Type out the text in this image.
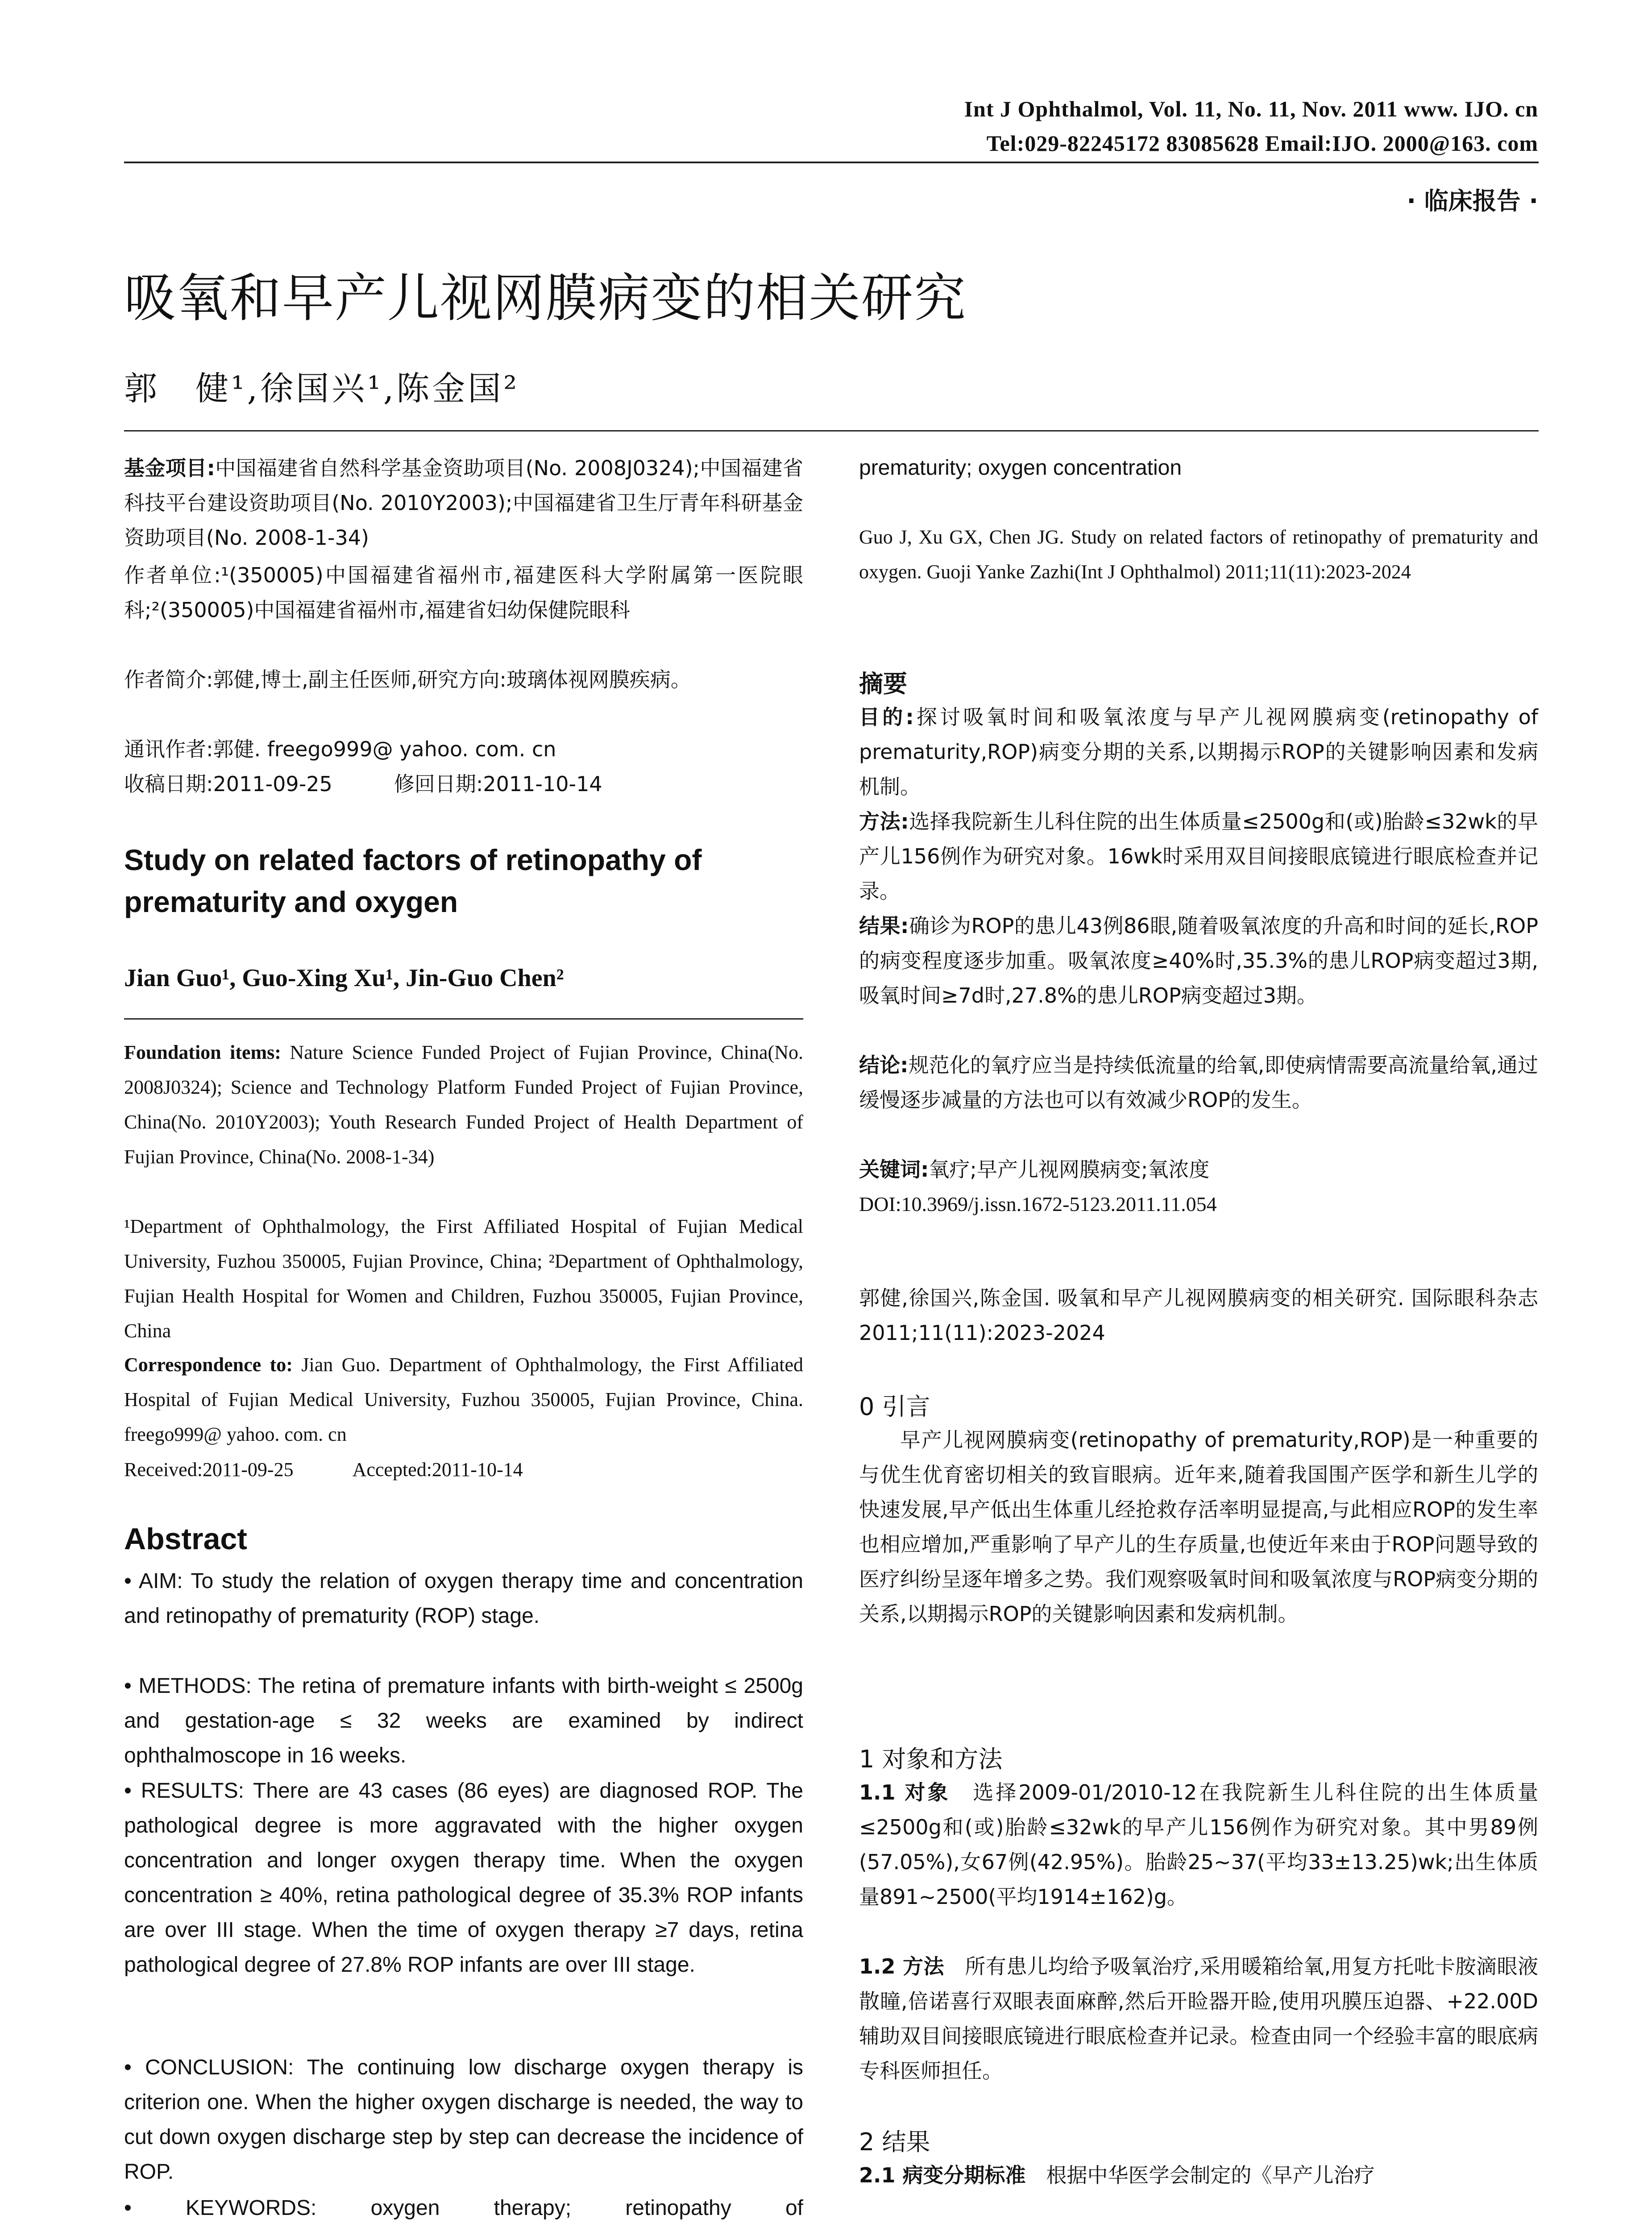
Int J Ophthalmol, Vol. 11, No. 11, Nov. 2011 www. IJO. cn
Tel:029-82245172 83085628 Email:IJO. 2000@163. com
· 临床报告 ·
吸氧和早产儿视网膜病变的相关研究
郭　健¹,徐国兴¹,陈金国²
基金项目:中国福建省自然科学基金资助项目(No. 2008J0324);中国福建省科技平台建设资助项目(No. 2010Y2003);中国福建省卫生厅青年科研基金资助项目(No. 2008-1-34)
作者单位:¹(350005)中国福建省福州市,福建医科大学附属第一医院眼科;²(350005)中国福建省福州市,福建省妇幼保健院眼科
作者简介:郭健,博士,副主任医师,研究方向:玻璃体视网膜疾病。
通讯作者:郭健. freego999@ yahoo. com. cn
收稿日期:2011-09-25　　　修回日期:2011-10-14
Study on related factors of retinopathy of prematurity and oxygen
Jian Guo¹, Guo-Xing Xu¹, Jin-Guo Chen²
Foundation items: Nature Science Funded Project of Fujian Province, China(No. 2008J0324); Science and Technology Platform Funded Project of Fujian Province, China(No. 2010Y2003); Youth Research Funded Project of Health Department of Fujian Province, China(No. 2008-1-34)
¹Department of Ophthalmology, the First Affiliated Hospital of Fujian Medical University, Fuzhou 350005, Fujian Province, China; ²Department of Ophthalmology, Fujian Health Hospital for Women and Children, Fuzhou 350005, Fujian Province, China
Correspondence to: Jian Guo. Department of Ophthalmology, the First Affiliated Hospital of Fujian Medical University, Fuzhou 350005, Fujian Province, China. freego999@ yahoo. com. cn
Received:2011-09-25　　　Accepted:2011-10-14
Abstract
• AIM: To study the relation of oxygen therapy time and concentration and retinopathy of prematurity (ROP) stage.
• METHODS: The retina of premature infants with birth-weight ≤ 2500g and gestation-age ≤ 32 weeks are examined by indirect ophthalmoscope in 16 weeks.
• RESULTS: There are 43 cases (86 eyes) are diagnosed ROP. The pathological degree is more aggravated with the higher oxygen concentration and longer oxygen therapy time. When the oxygen concentration ≥ 40%, retina pathological degree of 35.3% ROP infants are over III stage. When the time of oxygen therapy ≥7 days, retina pathological degree of 27.8% ROP infants are over III stage.
• CONCLUSION: The continuing low discharge oxygen therapy is criterion one. When the higher oxygen discharge is needed, the way to cut down oxygen discharge step by step can decrease the incidence of ROP.
• KEYWORDS: oxygen therapy; retinopathy of
prematurity; oxygen concentration
Guo J, Xu GX, Chen JG. Study on related factors of retinopathy of prematurity and oxygen. Guoji Yanke Zazhi(Int J Ophthalmol) 2011;11(11):2023-2024
摘要
目的:探讨吸氧时间和吸氧浓度与早产儿视网膜病变(retinopathy of prematurity,ROP)病变分期的关系,以期揭示ROP的关键影响因素和发病机制。
方法:选择我院新生儿科住院的出生体质量≤2500g和(或)胎龄≤32wk的早产儿156例作为研究对象。16wk时采用双目间接眼底镜进行眼底检查并记录。
结果:确诊为ROP的患儿43例86眼,随着吸氧浓度的升高和时间的延长,ROP的病变程度逐步加重。吸氧浓度≥40%时,35.3%的患儿ROP病变超过3期,吸氧时间≥7d时,27.8%的患儿ROP病变超过3期。
结论:规范化的氧疗应当是持续低流量的给氧,即使病情需要高流量给氧,通过缓慢逐步减量的方法也可以有效减少ROP的发生。
关键词:氧疗;早产儿视网膜病变;氧浓度
DOI:10.3969/j.issn.1672-5123.2011.11.054
郭健,徐国兴,陈金国. 吸氧和早产儿视网膜病变的相关研究. 国际眼科杂志 2011;11(11):2023-2024
0 引言
早产儿视网膜病变(retinopathy of prematurity,ROP)是一种重要的与优生优育密切相关的致盲眼病。近年来,随着我国围产医学和新生儿学的快速发展,早产低出生体重儿经抢救存活率明显提高,与此相应ROP的发生率也相应增加,严重影响了早产儿的生存质量,也使近年来由于ROP问题导致的医疗纠纷呈逐年增多之势。我们观察吸氧时间和吸氧浓度与ROP病变分期的关系,以期揭示ROP的关键影响因素和发病机制。
1 对象和方法
1.1 对象　选择2009-01/2010-12在我院新生儿科住院的出生体质量≤2500g和(或)胎龄≤32wk的早产儿156例作为研究对象。其中男89例(57.05%),女67例(42.95%)。胎龄25~37(平均33±13.25)wk;出生体质量891~2500(平均1914±162)g。
1.2 方法　所有患儿均给予吸氧治疗,采用暖箱给氧,用复方托吡卡胺滴眼液散瞳,倍诺喜行双眼表面麻醉,然后开睑器开睑,使用巩膜压迫器、+22.00D辅助双目间接眼底镜进行眼底检查并记录。检查由同一个经验丰富的眼底病专科医师担任。
2 结果
2.1 病变分期标准　根据中华医学会制定的《早产儿治疗
